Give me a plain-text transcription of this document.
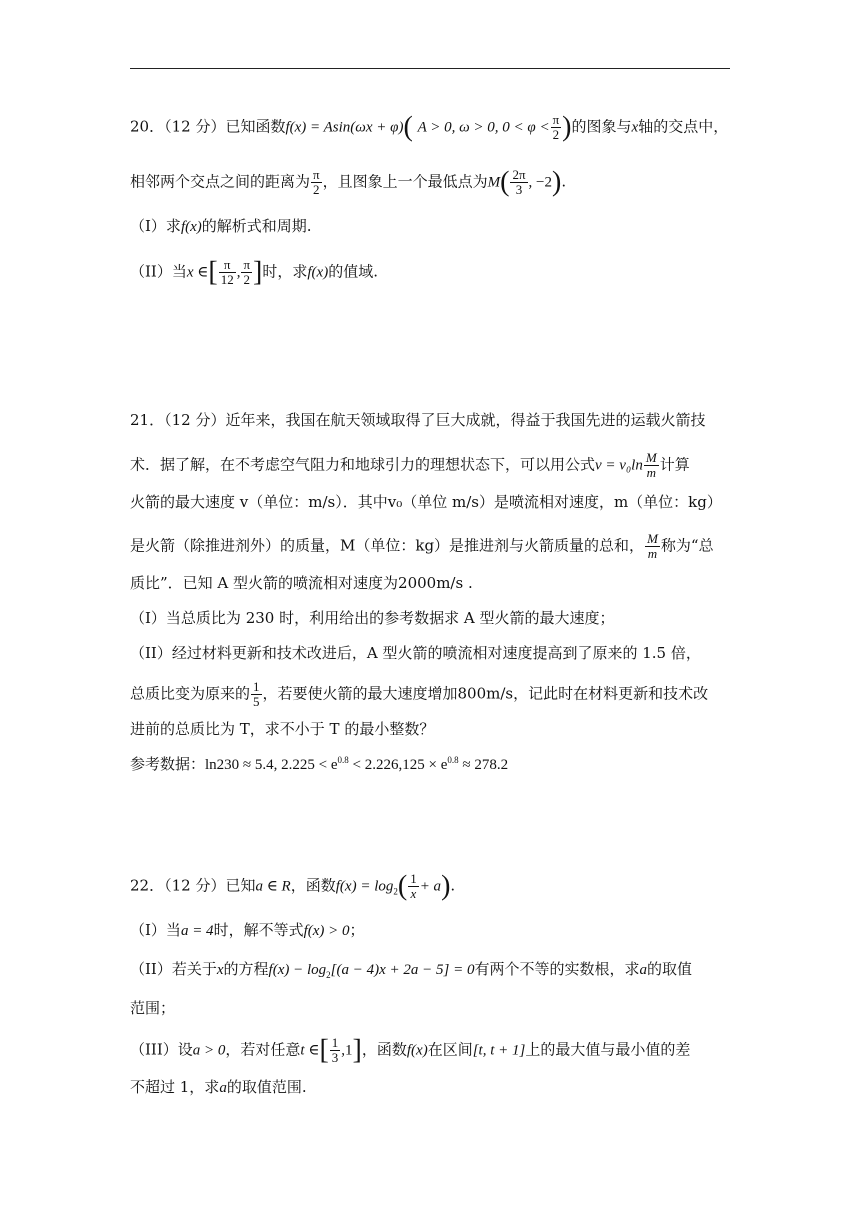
20．（12 分）已知函数f(x) = Asin(ωx + φ)( A > 0, ω > 0, $0 < \varphi < \frac{\pi}{2}$ )的图象与x轴的交点中，
相邻两个交点之间的距离为 $\frac{\pi}{2}$ ，且图象上一个最低点为$M( \frac{2\pi}{3}$ , −2).
（I）求f(x)的解析式和周期.
（II）当x ∈[ $\frac{\pi}{12}$ , $\frac{\pi}{2}$ ]时，求f(x)的值域.
21．（12 分）近年来，我国在航天领域取得了巨大成就，得益于我国先进的运载火箭技
术．据了解，在不考虑空气阻力和地球引力的理想状态下，可以用公式$v = v_0\ln \frac{M}{m}$ 计算
火箭的最大速度 v（单位：m/s）．其中v₀（单位 m/s）是喷流相对速度，m（单位：kg）
是火箭（除推进剂外）的质量，M（单位：kg）是推进剂与火箭质量的总和， $\frac{M}{m}$ 称为“总
质比”．已知 A 型火箭的喷流相对速度为2000m/s .
（I）当总质比为 230 时，利用给出的参考数据求 A 型火箭的最大速度；
（II）经过材料更新和技术改进后，A 型火箭的喷流相对速度提高到了原来的 1.5 倍，
总质比变为原来的 $\frac{1}{5}$ ，若要使火箭的最大速度增加800m/s，记此时在材料更新和技术改
进前的总质比为 T，求不小于 T 的最小整数？
参考数据：ln230 ≈ 5.4, $2.225 < e^{0.8} < 2.226,125 \times e^{0.8} \approx 278.2$
22．（12 分）已知a ∈ R，函数$f(x) = \log_2( \frac{1}{x} + a)$.
（I）当a = 4时，解不等式f(x) > 0；
（II）若关于x的方程$f(x) - \log_2[(a - 4)x + 2a - 5] = 0$有两个不等的实数根，求a的取值
范围；
（III）设a > 0，若对任意t ∈[ $\frac{1}{3} ,1$]，函数f(x)在区间[t, t + 1]上的最大值与最小值的差
不超过 1，求a的取值范围.
